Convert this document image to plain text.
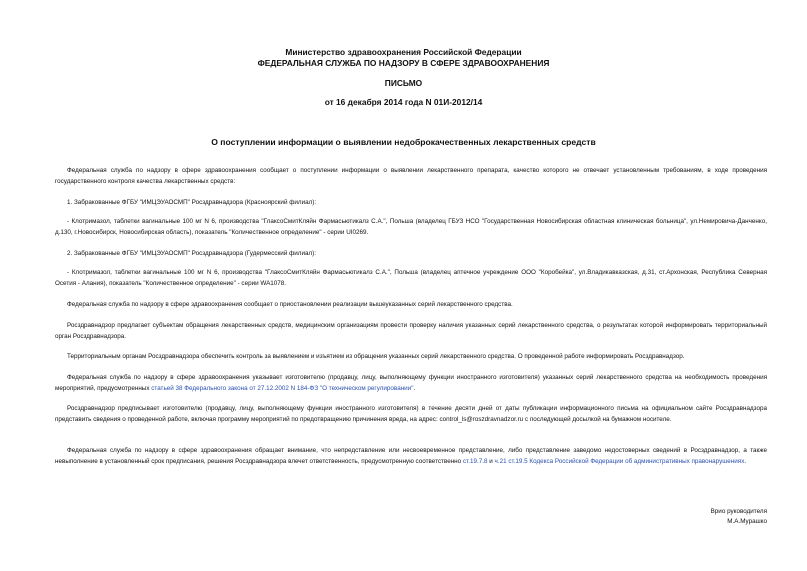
Министерство здравоохранения Российской Федерации
ФЕДЕРАЛЬНАЯ СЛУЖБА ПО НАДЗОРУ В СФЕРЕ ЗДРАВООХРАНЕНИЯ
ПИСЬМО
от 16 декабря 2014 года N 01И-2012/14
О поступлении информации о выявлении недоброкачественных лекарственных средств

Федеральная служба по надзору в сфере здравоохранения сообщает о поступлении информации о выявлении лекарственного препарата, качество которого не отвечает установленным требованиям, в ходе проведения государственного контроля качества лекарственных средств:

1. Забракованные ФГБУ "ИМЦЭУАОСМП" Росздравнадзора (Красноярский филиал):

- Клотримазол, таблетки вагинальные 100 мг N 6, производства "ГлаксоСмитКляйн Фармасьютикалз С.А.", Польша (владелец ГБУЗ НСО "Государственная Новосибирская областная клиническая больница", ул.Немировича-Данченко, д.130, г.Новосибирск, Новосибирская область), показатель "Количественное определение" - серии UI0269.

2. Забракованные ФГБУ "ИМЦЭУАОСМП" Росздравнадзора (Гудермесский филиал):

- Клотримазол, таблетки вагинальные 100 мг N 6, производства "ГлаксоСмитКляйн Фармасьютикалз С.А.", Польша (владелец аптечное учреждение ООО "Коробейка", ул.Владикавказская, д.31, ст.Архонская, Республика Северная Осетия - Алания), показатель "Количественное определение" - серии WA1078.

Федеральная служба по надзору в сфере здравоохранения сообщает о приостановлении реализации вышеуказанных серий лекарственного средства.

Росздравнадзор предлагает субъектам обращения лекарственных средств, медицинским организациям провести проверку наличия указанных серий лекарственного средства, о результатах которой информировать территориальный орган Росздравнадзора.

Территориальным органам Росздравнадзора обеспечить контроль за выявлением и изъятием из обращения указанных серий лекарственного средства. О проведенной работе информировать Росздравнадзор.

Федеральная служба по надзору в сфере здравоохранения указывает изготовителю (продавцу, лицу, выполняющему функции иностранного изготовителя) указанных серий лекарственного средства на необходимость проведения мероприятий, предусмотренных статьей 38 Федерального закона от 27.12.2002 N 184-ФЗ "О техническом регулировании".

Росздравнадзор предписывает изготовителю (продавцу, лицу, выполняющему функции иностранного изготовителя) в течение десяти дней от даты публикации информационного письма на официальном сайте Росздравнадзора представить сведения о проведенной работе, включая программу мероприятий по предотвращению причинения вреда, на адрес: control_ls@roszdravnadzor.ru с последующей досылкой на бумажном носителе.

Федеральная служба по надзору в сфере здравоохранения обращает внимание, что непредставление или несвоевременное представление, либо представление заведомо недостоверных сведений в Росздравнадзор, а также невыполнение в установленный срок предписания, решения Росздравнадзора влечет ответственность, предусмотренную соответственно ст.19.7.8 и ч.21 ст.19.5 Кодекса Российской Федерации об административных правонарушениях.

Врио руководителя
М.А.Мурашко
